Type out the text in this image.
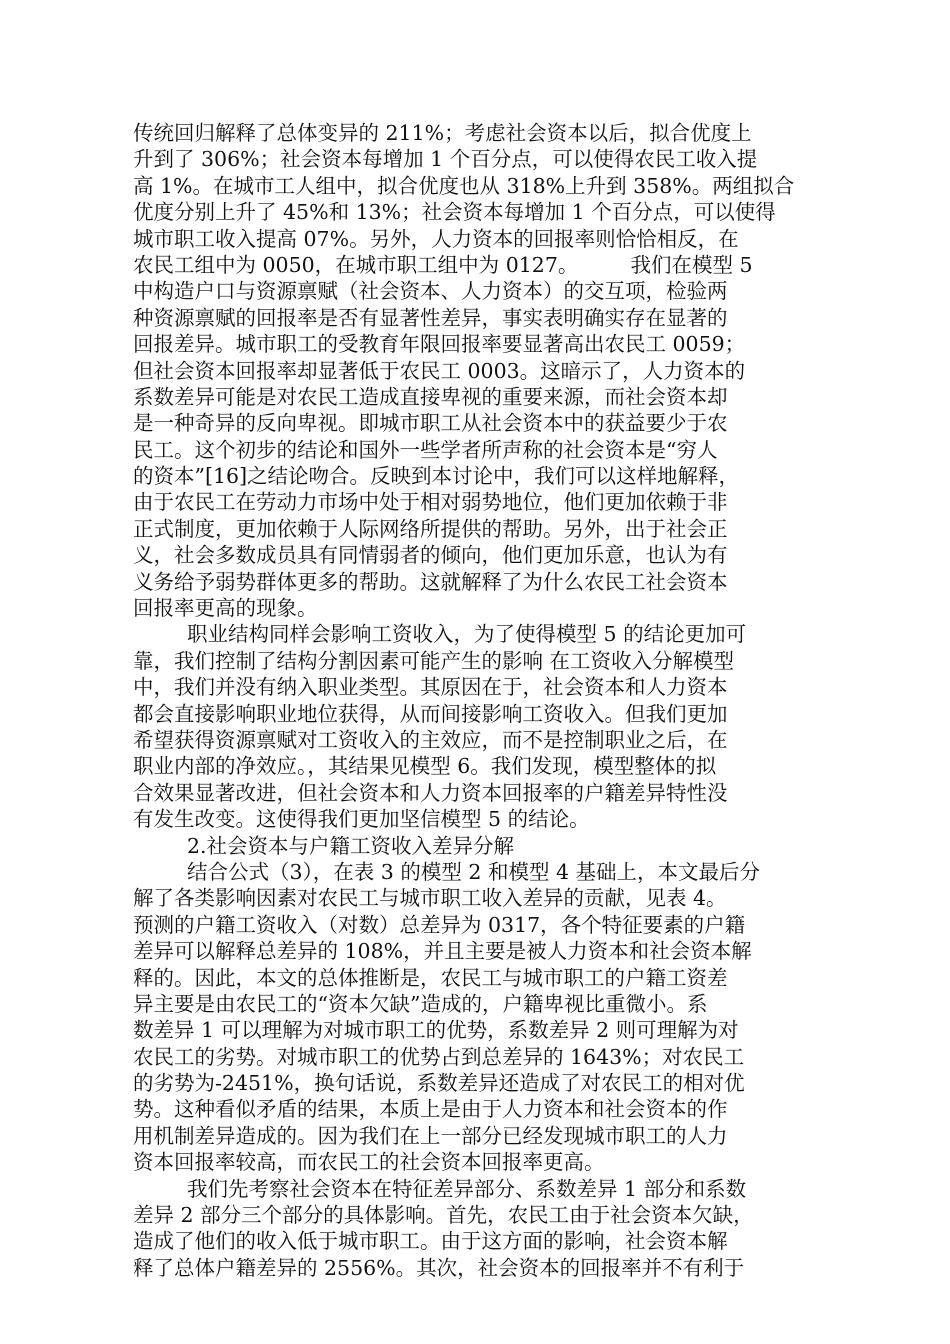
传统回归解释了总体变异的 211%；考虑社会资本以后，拟合优度上
升到了 306%；社会资本每增加 1 个百分点，可以使得农民工收入提
高 1%。在城市工人组中，拟合优度也从 318%上升到 358%。两组拟合
优度分别上升了 45%和 13%；社会资本每增加 1 个百分点，可以使得
城市职工收入提高 07%。另外，人力资本的回报率则恰恰相反，在
农民工组中为 0050，在城市职工组中为 0127。        我们在模型 5
中构造户口与资源禀赋（社会资本、人力资本）的交互项，检验两
种资源禀赋的回报率是否有显著性差异，事实表明确实存在显著的
回报差异。城市职工的受教育年限回报率要显著高出农民工 0059；
但社会资本回报率却显著低于农民工 0003。这暗示了，人力资本的
系数差异可能是对农民工造成直接卑视的重要来源，而社会资本却
是一种奇异的反向卑视。即城市职工从社会资本中的获益要少于农
民工。这个初步的结论和国外一些学者所声称的社会资本是“穷人
的资本”[16]之结论吻合。反映到本讨论中，我们可以这样地解释，
由于农民工在劳动力市场中处于相对弱势地位，他们更加依赖于非
正式制度，更加依赖于人际网络所提供的帮助。另外，出于社会正
义，社会多数成员具有同情弱者的倾向，他们更加乐意，也认为有
义务给予弱势群体更多的帮助。这就解释了为什么农民工社会资本
回报率更高的现象。
职业结构同样会影响工资收入，为了使得模型 5 的结论更加可
靠，我们控制了结构分割因素可能产生的影响 在工资收入分解模型
中，我们并没有纳入职业类型。其原因在于，社会资本和人力资本
都会直接影响职业地位获得，从而间接影响工资收入。但我们更加
希望获得资源禀赋对工资收入的主效应，而不是控制职业之后，在
职业内部的净效应。，其结果见模型 6。我们发现，模型整体的拟
合效果显著改进，但社会资本和人力资本回报率的户籍差异特性没
有发生改变。这使得我们更加坚信模型 5 的结论。
2.社会资本与户籍工资收入差异分解
结合公式（3），在表 3 的模型 2 和模型 4 基础上，本文最后分
解了各类影响因素对农民工与城市职工收入差异的贡献，见表 4。
预测的户籍工资收入（对数）总差异为 0317，各个特征要素的户籍
差异可以解释总差异的 108%，并且主要是被人力资本和社会资本解
释的。因此，本文的总体推断是，农民工与城市职工的户籍工资差
异主要是由农民工的“资本欠缺”造成的，户籍卑视比重微小。系
数差异 1 可以理解为对城市职工的优势，系数差异 2 则可理解为对
农民工的劣势。对城市职工的优势占到总差异的 1643%；对农民工
的劣势为-2451%，换句话说，系数差异还造成了对农民工的相对优
势。这种看似矛盾的结果，本质上是由于人力资本和社会资本的作
用机制差异造成的。因为我们在上一部分已经发现城市职工的人力
资本回报率较高，而农民工的社会资本回报率更高。
我们先考察社会资本在特征差异部分、系数差异 1 部分和系数
差异 2 部分三个部分的具体影响。首先，农民工由于社会资本欠缺，
造成了他们的收入低于城市职工。由于这方面的影响，社会资本解
释了总体户籍差异的 2556%。其次，社会资本的回报率并不有利于
